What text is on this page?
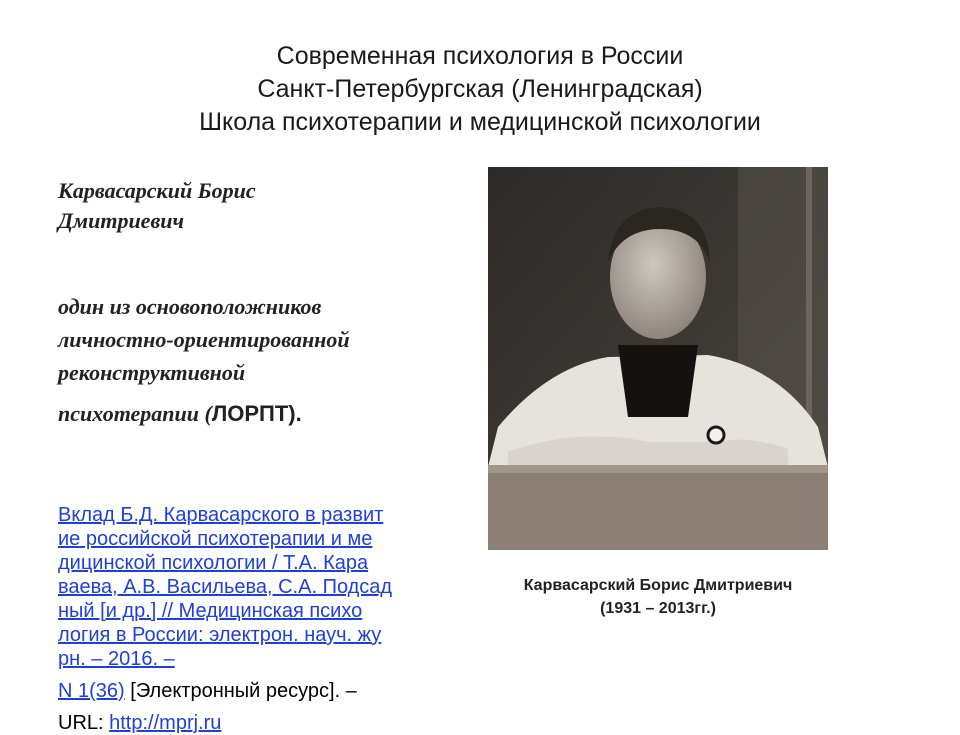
Современная психология в России
Санкт-Петербургская (Ленинградская)
Школа психотерапии и медицинской психологии
Карвасарский Борис
Дмитриевич
один из основоположников
личностно-ориентированной
реконструктивной
психотерапии (ЛОРПТ).
Вклад Б.Д. Карвасарского в развит
ие российской психотерапии и ме
дицинской психологии / Т.А. Кара
ваева, А.В. Васильева, С.А. Подсад
ный [и др.] // Медицинская психо
логия в России: электрон. науч. жу
рн. – 2016. –
N 1(36) [Электронный ресурс]. –
URL: http://mprj.ru
Карвасарский Борис Дмитриевич
(1931 – 2013гг.)
